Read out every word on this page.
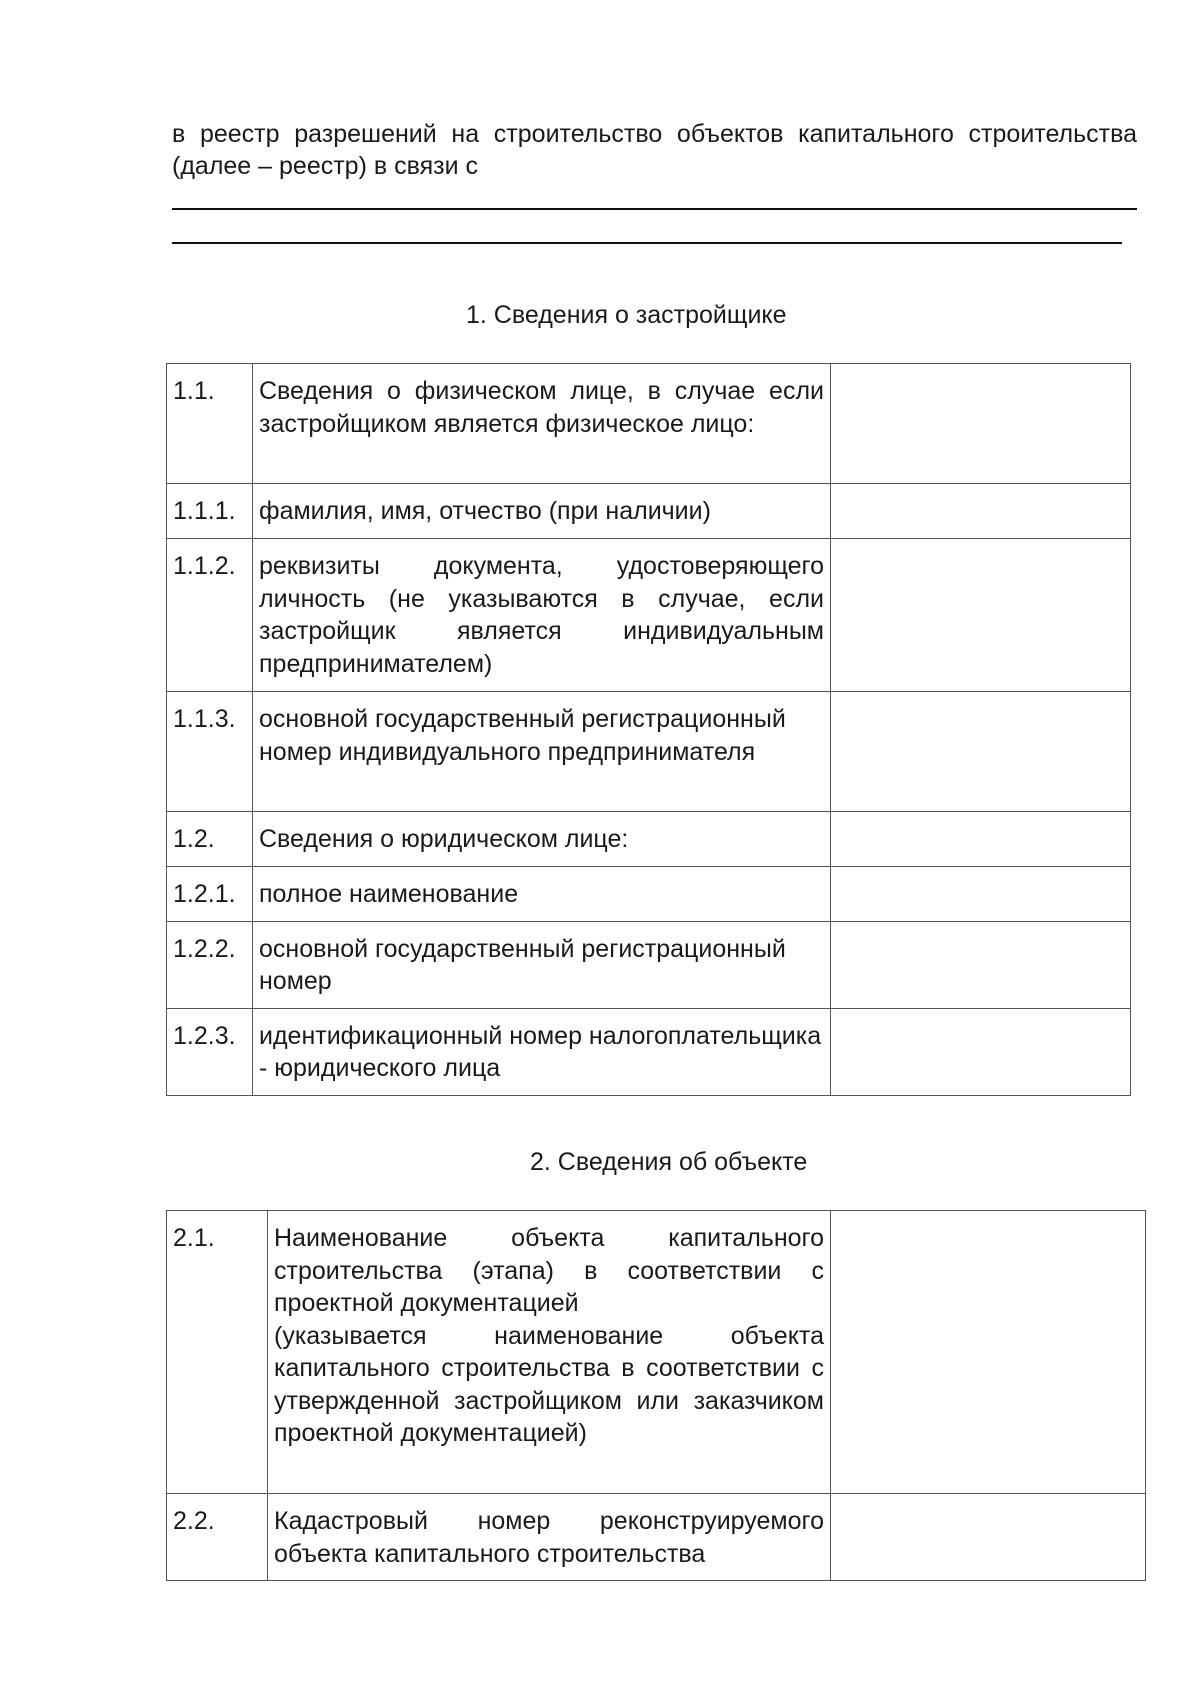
в реестр разрешений на строительство объектов капитального строительства (далее – реестр) в связи с
1. Сведения о застройщике
1.1.	Сведения о физическом лице, в случае если застройщиком является физическое лицо:	
1.1.1.	фамилия, имя, отчество (при наличии)	
1.1.2.	реквизиты документа, удостоверяющего личность (не указываются в случае, если застройщик является индивидуальным предпринимателем)	
1.1.3.	основной государственный регистрационный номер индивидуального предпринимателя	
1.2.	Сведения о юридическом лице:	
1.2.1.	полное наименование	
1.2.2.	основной государственный регистрационный номер	
1.2.3.	идентификационный номер налогоплательщика - юридического лица	
2. Сведения об объекте
2.1.	Наименование объекта капитального строительства (этапа) в соответствии с проектной документацией
(указывается наименование объекта капитального строительства в соответствии с утвержденной застройщиком или заказчиком проектной документацией)	

2.2.	Кадастровый номер реконструируемого объекта капитального строительства	
